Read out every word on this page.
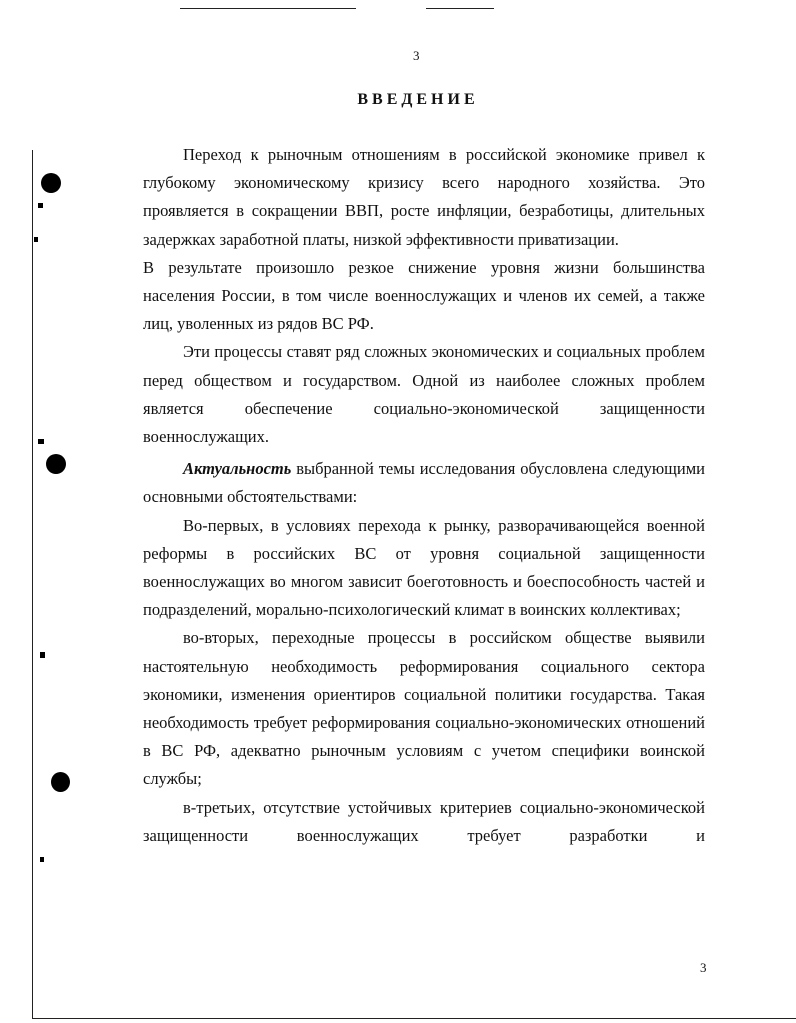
3
ВВЕДЕНИЕ

Переход к рыночным отношениям в российской экономике привел к глубокому экономическому кризису всего народного хозяйства. Это проявляется в сокращении ВВП, росте инфляции, безработицы, длительных задержках заработной платы, низкой эффективности приватизации.

В результате произошло резкое снижение уровня жизни большинства населения России, в том числе военнослужащих и членов их семей, а также лиц, уволенных из рядов ВС РФ.

Эти процессы ставят ряд сложных экономических и социальных проблем перед обществом и государством. Одной из наиболее сложных проблем является обеспечение социально-экономической защищенности военнослужащих.

Актуальность выбранной темы исследования обусловлена следующими основными обстоятельствами:

Во-первых, в условиях перехода к рынку, разворачивающейся военной реформы в российских ВС от уровня социальной защищенности военнослужащих во многом зависит боеготовность и боеспособность частей и подразделений, морально-психологический климат в воинских коллективах;

во-вторых, переходные процессы в российском обществе выявили настоятельную необходимость реформирования социального сектора экономики, изменения ориентиров социальной политики государства. Такая необходимость требует реформирования социально-экономических отношений в ВС РФ, адекватно рыночным условиям с учетом специфики воинской службы;

в-третьих, отсутствие устойчивых критериев социально-экономической защищенности военнослужащих требует разработки и

3
